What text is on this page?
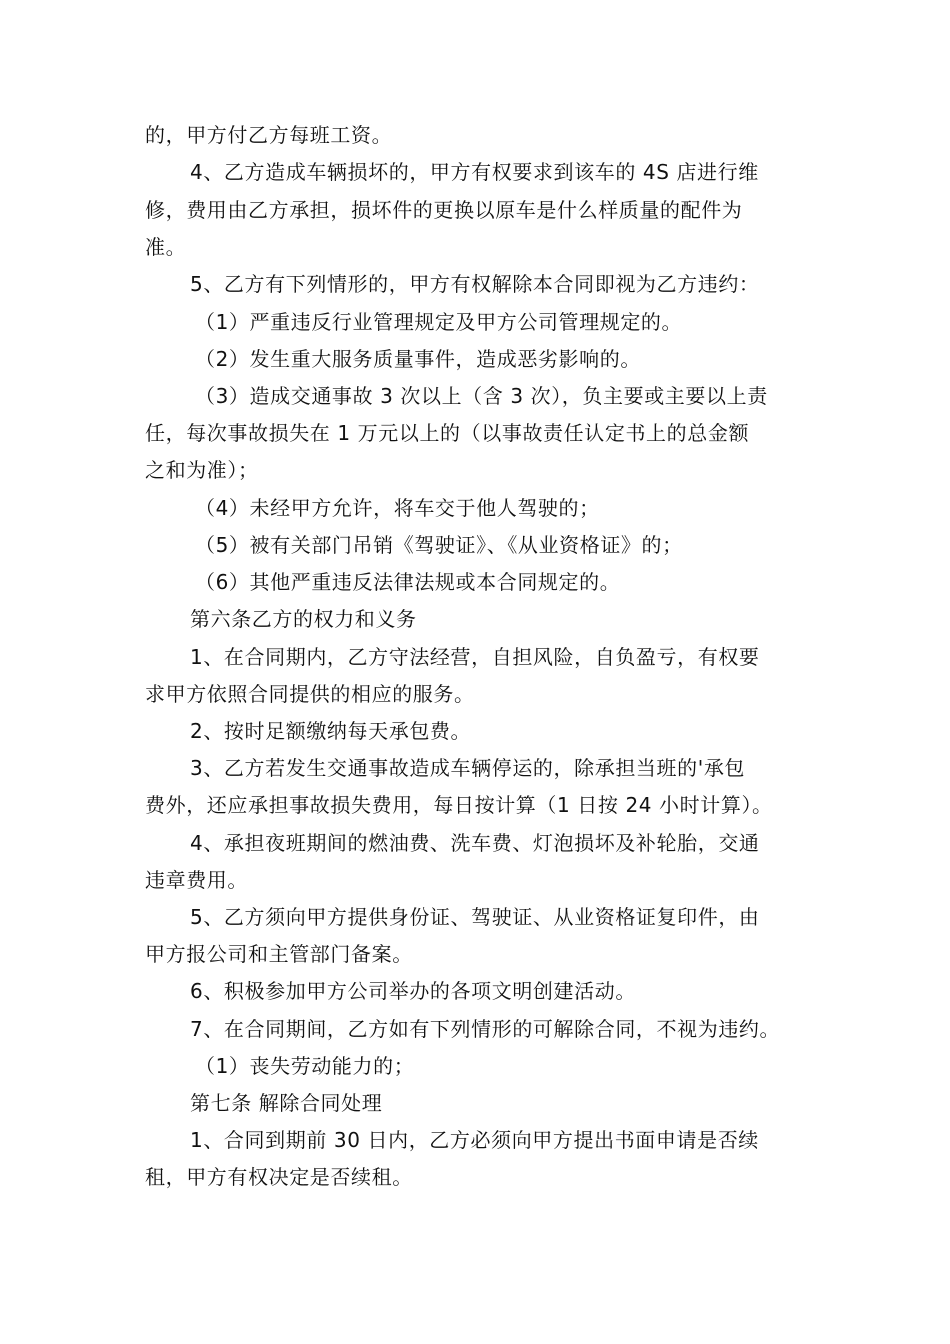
的，甲方付乙方每班工资。
4、乙方造成车辆损坏的，甲方有权要求到该车的 4S 店进行维
修，费用由乙方承担，损坏件的更换以原车是什么样质量的配件为
准。
5、乙方有下列情形的，甲方有权解除本合同即视为乙方违约：
（1）严重违反行业管理规定及甲方公司管理规定的。
（2）发生重大服务质量事件，造成恶劣影响的。
（3）造成交通事故 3 次以上（含 3 次），负主要或主要以上责
任，每次事故损失在 1 万元以上的（以事故责任认定书上的总金额
之和为准）；
（4）未经甲方允许，将车交于他人驾驶的；
（5）被有关部门吊销《驾驶证》、《从业资格证》的；
（6）其他严重违反法律法规或本合同规定的。
第六条乙方的权力和义务
1、在合同期内，乙方守法经营，自担风险，自负盈亏，有权要
求甲方依照合同提供的相应的服务。
2、按时足额缴纳每天承包费。
3、乙方若发生交通事故造成车辆停运的，除承担当班的'承包
费外，还应承担事故损失费用，每日按计算（1 日按 24 小时计算）。
4、承担夜班期间的燃油费、洗车费、灯泡损坏及补轮胎，交通
违章费用。
5、乙方须向甲方提供身份证、驾驶证、从业资格证复印件，由
甲方报公司和主管部门备案。
6、积极参加甲方公司举办的各项文明创建活动。
7、在合同期间，乙方如有下列情形的可解除合同，不视为违约。
（1）丧失劳动能力的；
第七条 解除合同处理
1、合同到期前 30 日内，乙方必须向甲方提出书面申请是否续
租，甲方有权决定是否续租。
